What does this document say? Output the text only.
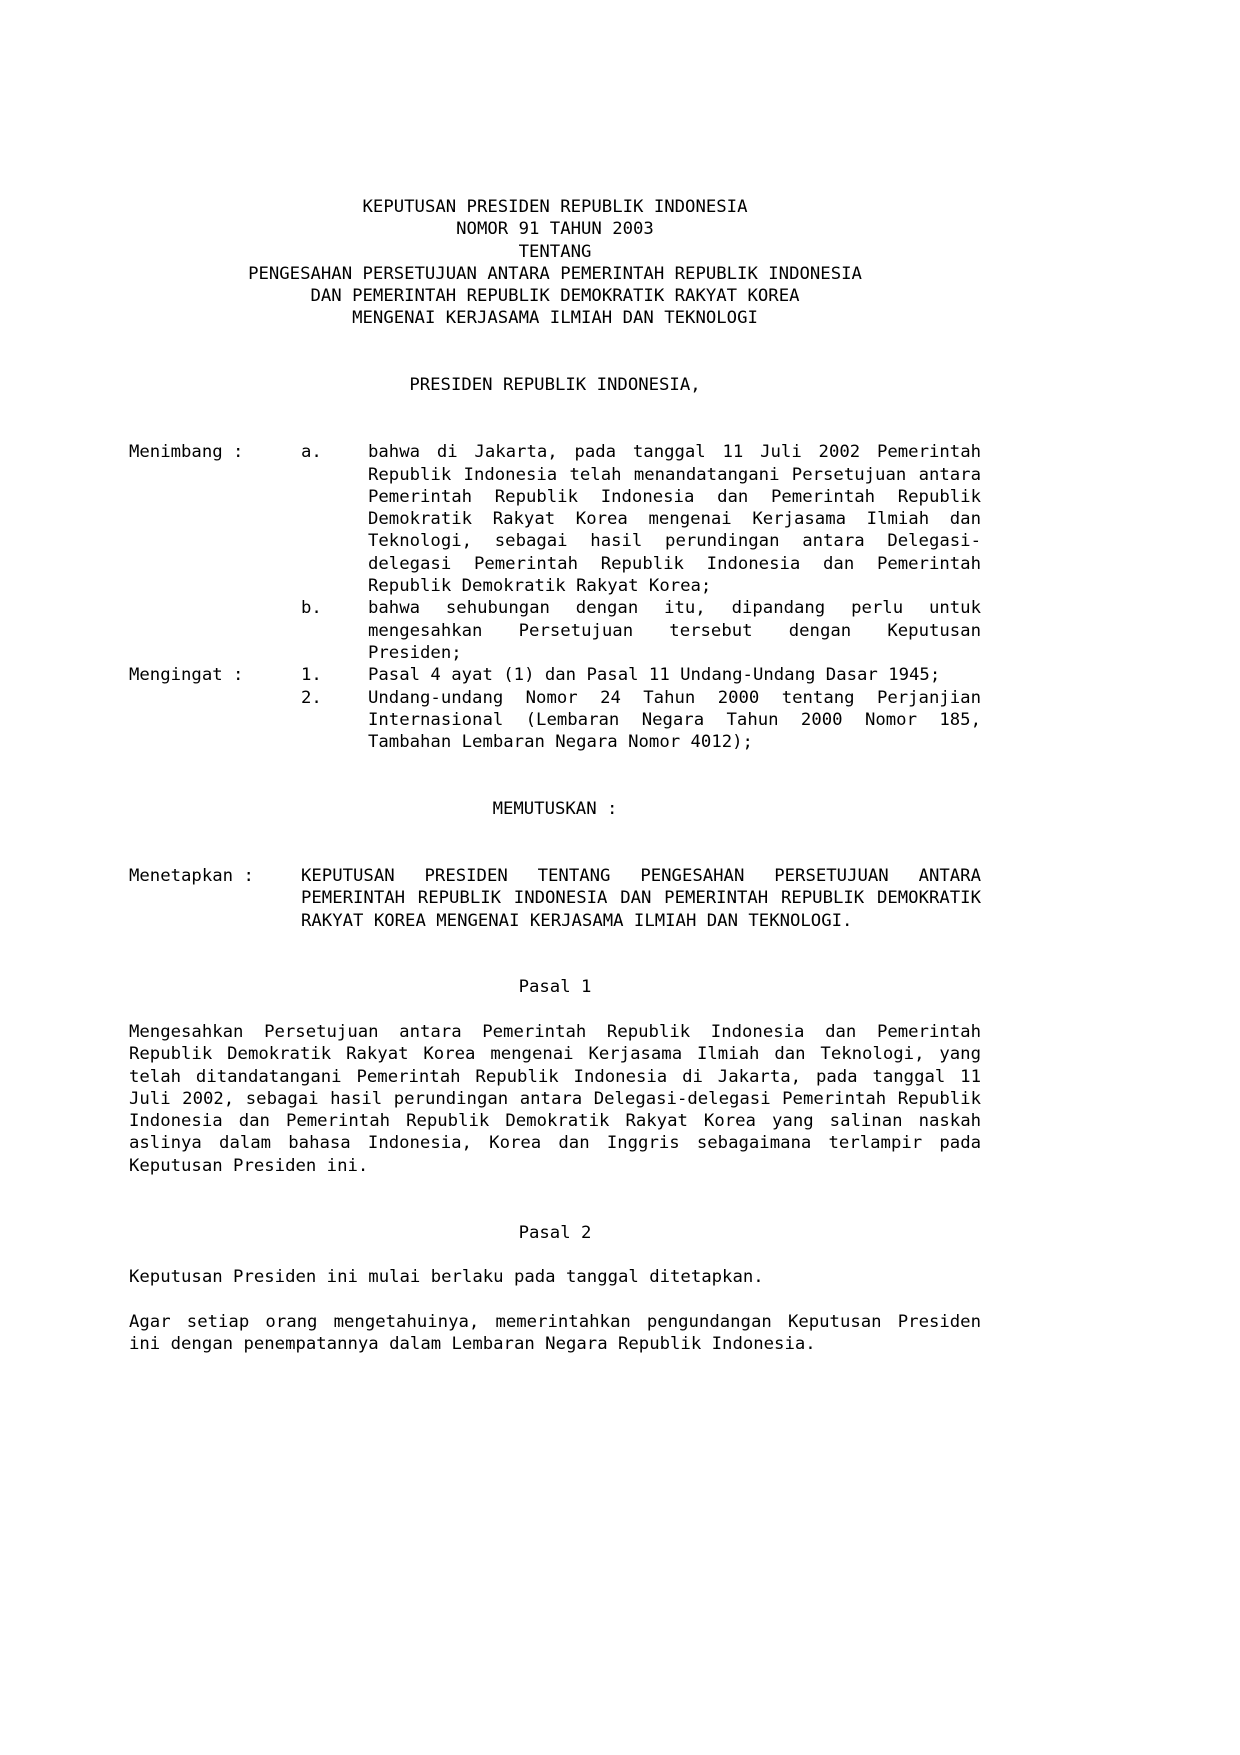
KEPUTUSAN PRESIDEN REPUBLIK INDONESIA
NOMOR 91 TAHUN 2003
TENTANG
PENGESAHAN PERSETUJUAN ANTARA PEMERINTAH REPUBLIK INDONESIA
DAN PEMERINTAH REPUBLIK DEMOKRATIK RAKYAT KOREA
MENGENAI KERJASAMA ILMIAH DAN TEKNOLOGI
PRESIDEN REPUBLIK INDONESIA,
Menimbang :	a.	bahwa di Jakarta, pada tanggal 11 Juli 2002 Pemerintah Republik Indonesia telah menandatangani Persetujuan antara Pemerintah Republik Indonesia dan Pemerintah Republik Demokratik Rakyat Korea mengenai Kerjasama Ilmiah dan Teknologi, sebagai hasil perundingan antara Delegasi-delegasi Pemerintah Republik Indonesia dan Pemerintah Republik Demokratik Rakyat Korea;
b.	bahwa sehubungan dengan itu, dipandang perlu untuk mengesahkan Persetujuan tersebut dengan Keputusan Presiden;
Mengingat :	1.	Pasal 4 ayat (1) dan Pasal 11 Undang-Undang Dasar 1945;
2.	Undang-undang Nomor 24 Tahun 2000 tentang Perjanjian Internasional (Lembaran Negara Tahun 2000 Nomor 185, Tambahan Lembaran Negara Nomor 4012);
MEMUTUSKAN :
Menetapkan :	KEPUTUSAN PRESIDEN TENTANG PENGESAHAN PERSETUJUAN ANTARA PEMERINTAH REPUBLIK INDONESIA DAN PEMERINTAH REPUBLIK DEMOKRATIK RAKYAT KOREA MENGENAI KERJASAMA ILMIAH DAN TEKNOLOGI.
Pasal 1
Mengesahkan Persetujuan antara Pemerintah Republik Indonesia dan Pemerintah Republik Demokratik Rakyat Korea mengenai Kerjasama Ilmiah dan Teknologi, yang telah ditandatangani Pemerintah Republik Indonesia di Jakarta, pada tanggal 11 Juli 2002, sebagai hasil perundingan antara Delegasi-delegasi Pemerintah Republik Indonesia dan Pemerintah Republik Demokratik Rakyat Korea yang salinan naskah aslinya dalam bahasa Indonesia, Korea dan Inggris sebagaimana terlampir pada Keputusan Presiden ini.
Pasal 2
Keputusan Presiden ini mulai berlaku pada tanggal ditetapkan.
Agar setiap orang mengetahuinya, memerintahkan pengundangan Keputusan Presiden ini dengan penempatannya dalam Lembaran Negara Republik Indonesia.
